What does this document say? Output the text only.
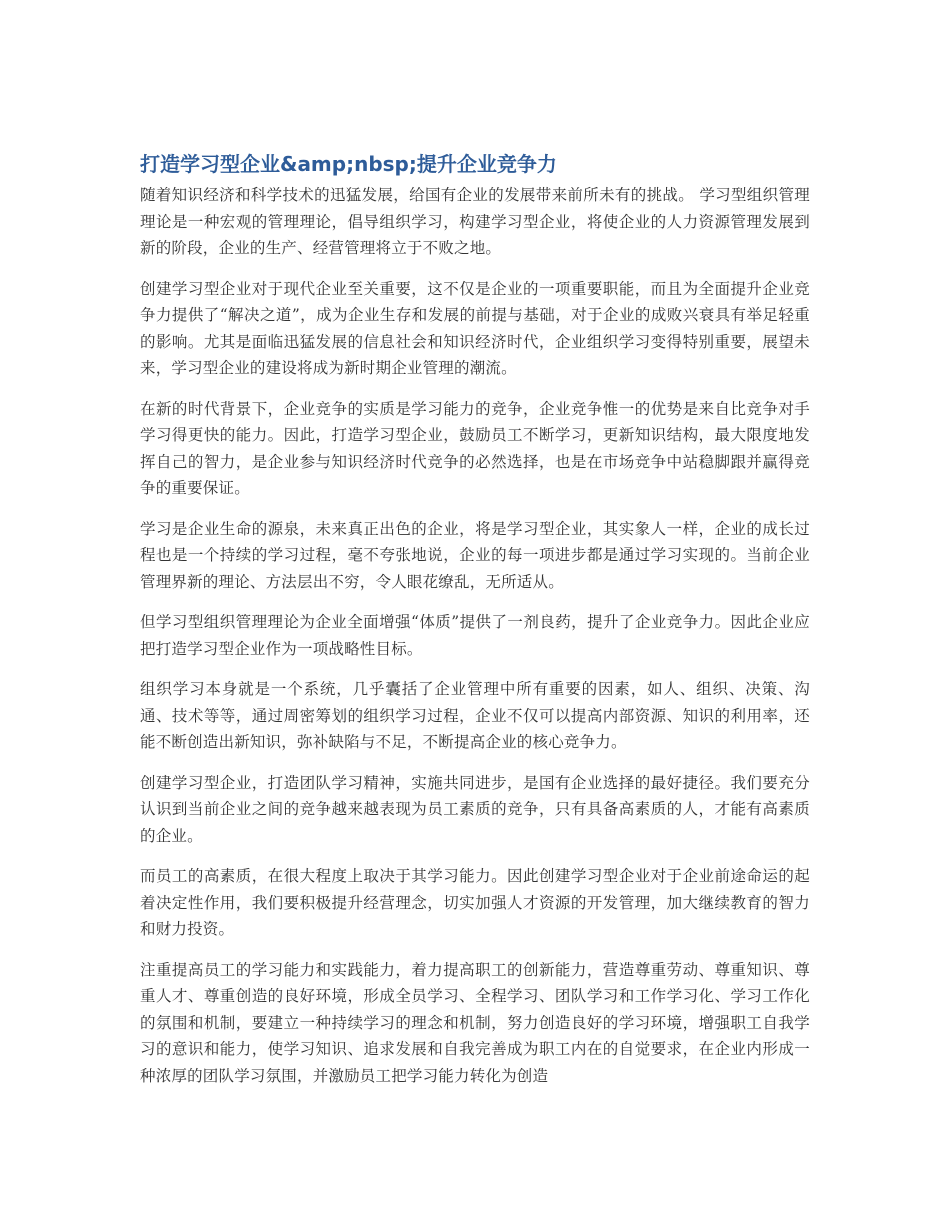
打造学习型企业&amp;nbsp;提升企业竞争力

随着知识经济和科学技术的迅猛发展，给国有企业的发展带来前所未有的挑战。 学习型组织管理理论是一种宏观的管理理论，倡导组织学习，构建学习型企业，将使企业的人力资源管理发展到新的阶段，企业的生产、经营管理将立于不败之地。

创建学习型企业对于现代企业至关重要，这不仅是企业的一项重要职能，而且为全面提升企业竞争力提供了“解决之道”，成为企业生存和发展的前提与基础，对于企业的成败兴衰具有举足轻重的影响。尤其是面临迅猛发展的信息社会和知识经济时代，企业组织学习变得特别重要，展望未来，学习型企业的建设将成为新时期企业管理的潮流。

在新的时代背景下，企业竞争的实质是学习能力的竞争，企业竞争惟一的优势是来自比竞争对手学习得更快的能力。因此，打造学习型企业，鼓励员工不断学习，更新知识结构，最大限度地发挥自己的智力，是企业参与知识经济时代竞争的必然选择，也是在市场竞争中站稳脚跟并赢得竞争的重要保证。

学习是企业生命的源泉，未来真正出色的企业，将是学习型企业，其实象人一样，企业的成长过程也是一个持续的学习过程，毫不夸张地说，企业的每一项进步都是通过学习实现的。当前企业管理界新的理论、方法层出不穷，令人眼花缭乱，无所适从。

但学习型组织管理理论为企业全面增强“体质”提供了一剂良药，提升了企业竞争力。因此企业应把打造学习型企业作为一项战略性目标。

组织学习本身就是一个系统，几乎囊括了企业管理中所有重要的因素，如人、组织、决策、沟通、技术等等，通过周密筹划的组织学习过程，企业不仅可以提高内部资源、知识的利用率，还能不断创造出新知识，弥补缺陷与不足，不断提高企业的核心竞争力。

创建学习型企业，打造团队学习精神，实施共同进步，是国有企业选择的最好捷径。我们要充分认识到当前企业之间的竞争越来越表现为员工素质的竞争，只有具备高素质的人，才能有高素质的企业。

而员工的高素质，在很大程度上取决于其学习能力。因此创建学习型企业对于企业前途命运的起着决定性作用，我们要积极提升经营理念，切实加强人才资源的开发管理，加大继续教育的智力和财力投资。

注重提高员工的学习能力和实践能力，着力提高职工的创新能力，营造尊重劳动、尊重知识、尊重人才、尊重创造的良好环境，形成全员学习、全程学习、团队学习和工作学习化、学习工作化的氛围和机制，要建立一种持续学习的理念和机制，努力创造良好的学习环境，增强职工自我学习的意识和能力，使学习知识、追求发展和自我完善成为职工内在的自觉要求，在企业内形成一种浓厚的团队学习氛围，并激励员工把学习能力转化为创造
